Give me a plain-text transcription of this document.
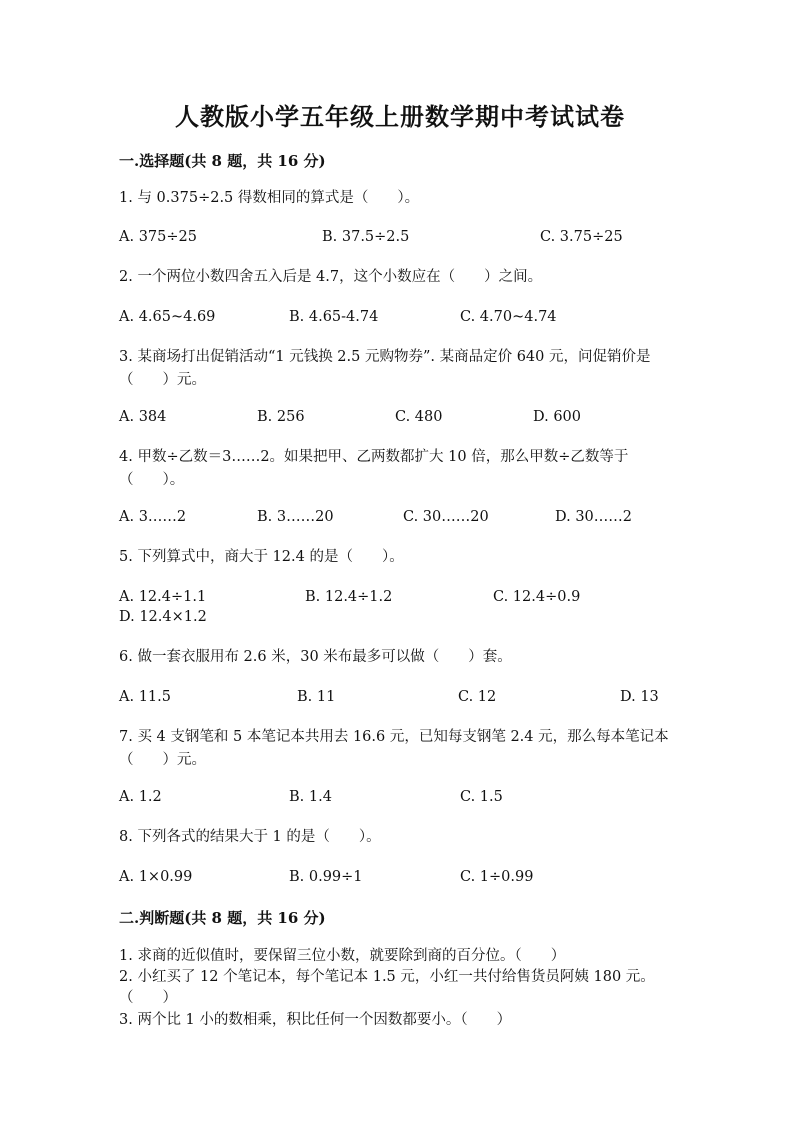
人教版小学五年级上册数学期中考试试卷
一.选择题(共 8 题，共 16 分)
1. 与 0.375÷2.5 得数相同的算式是（　　）。
A. 375÷25	B. 37.5÷2.5	C. 3.75÷25
2. 一个两位小数四舍五入后是 4.7，这个小数应在（　　）之间。
A. 4.65~4.69	B. 4.65-4.74	C. 4.70~4.74
3. 某商场打出促销活动“1 元钱换 2.5 元购物券”. 某商品定价 640 元，问促销价是（　　）元。
A. 384	B. 256	C. 480	D. 600
4. 甲数÷乙数＝3……2。如果把甲、乙两数都扩大 10 倍，那么甲数÷乙数等于（　　）。
A. 3……2	B. 3……20	C. 30……20	D. 30……2
5. 下列算式中，商大于 12.4 的是（　　）。
A. 12.4÷1.1	B. 12.4÷1.2	C. 12.4÷0.9
D. 12.4×1.2
6. 做一套衣服用布 2.6 米，30 米布最多可以做（　　）套。
A. 11.5	B. 11	C. 12	D. 13
7. 买 4 支钢笔和 5 本笔记本共用去 16.6 元，已知每支钢笔 2.4 元，那么每本笔记本（　　）元。
A. 1.2	B. 1.4	C. 1.5
8. 下列各式的结果大于 1 的是（　　）。
A. 1×0.99	B. 0.99÷1	C. 1÷0.99
二.判断题(共 8 题，共 16 分)
1. 求商的近似值时，要保留三位小数，就要除到商的百分位。（　　）
2. 小红买了 12 个笔记本，每个笔记本 1.5 元，小红一共付给售货员阿姨 180 元。（　　）
3. 两个比 1 小的数相乘，积比任何一个因数都要小。（　　）
